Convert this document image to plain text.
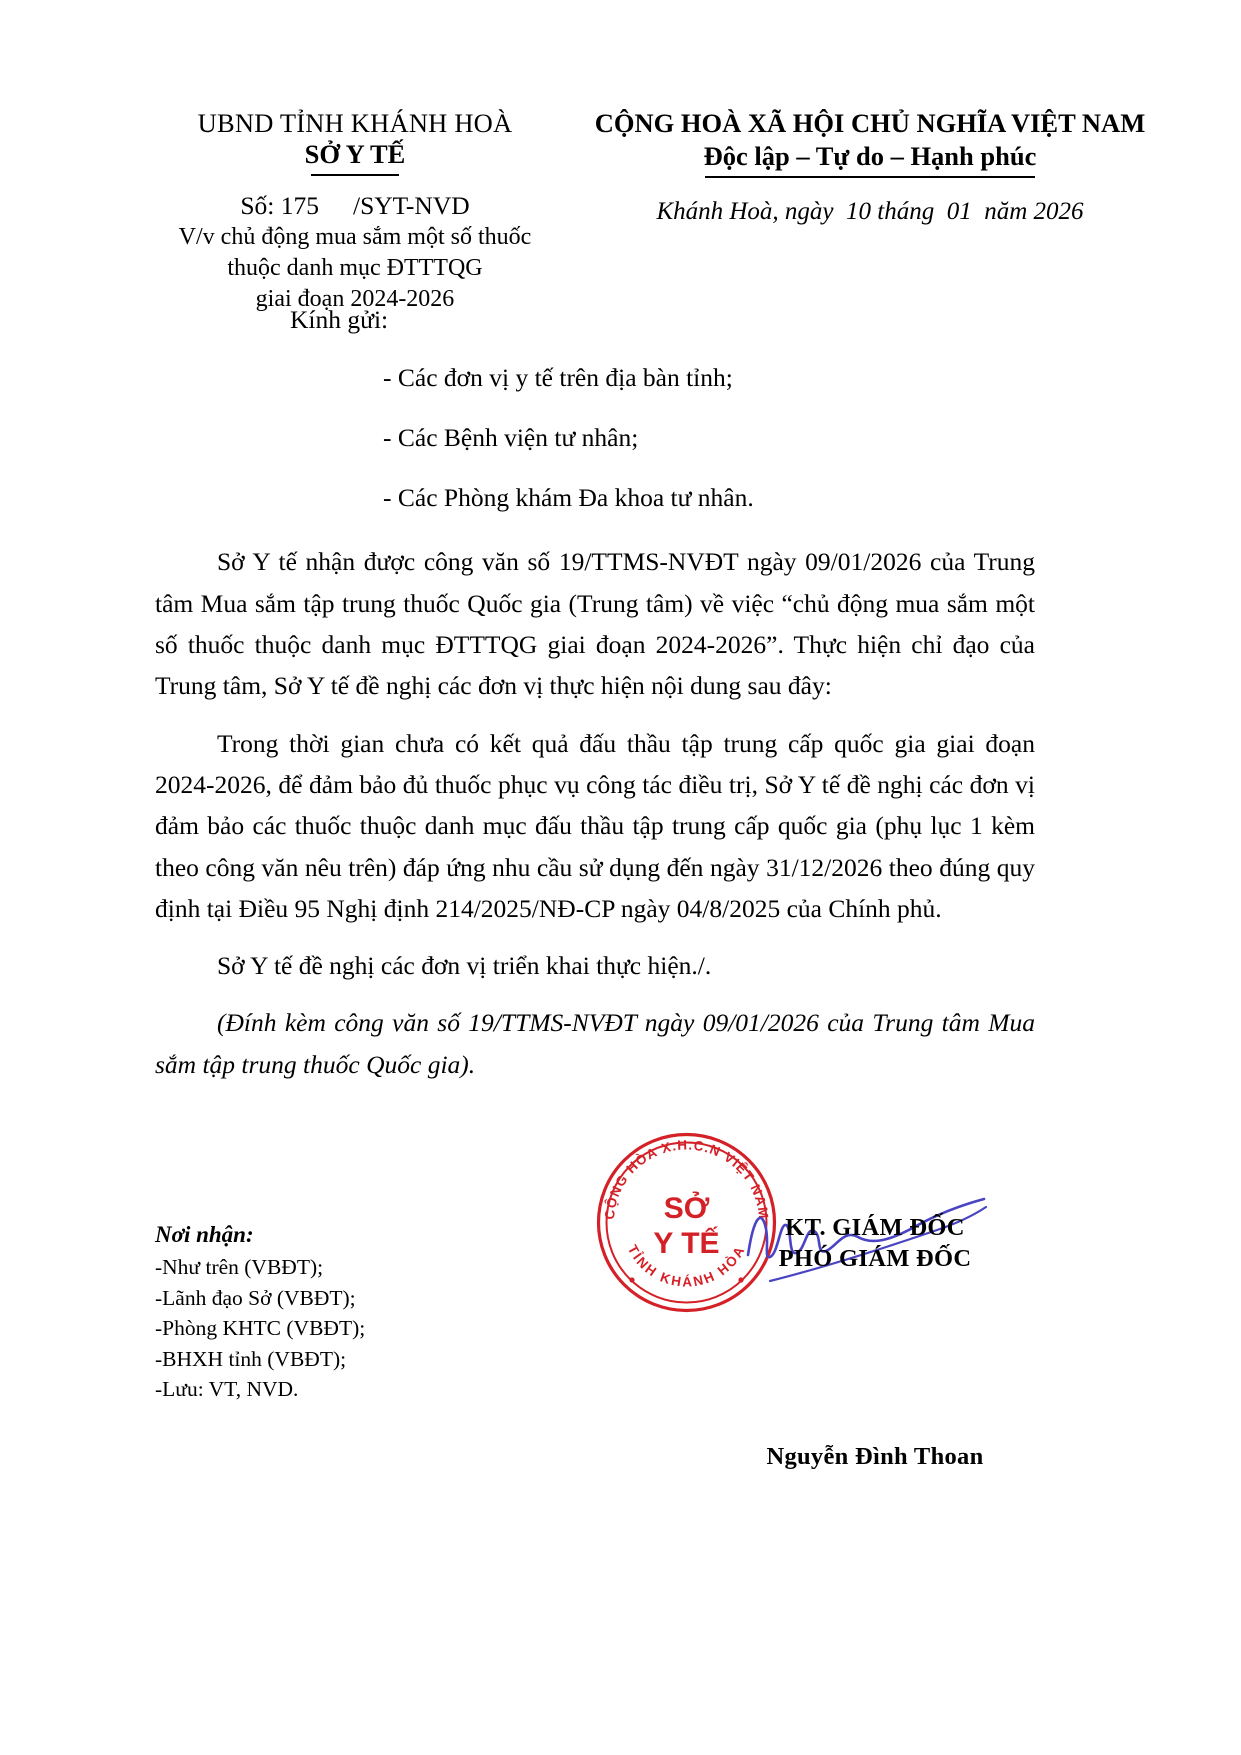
UBND TỈNH KHÁNH HOÀ
SỞ Y TẾ
Số: 175 /SYT-NVD
V/v chủ động mua sắm một số thuốc
thuộc danh mục ĐTTTQG
giai đoạn 2024-2026
CỘNG HOÀ XÃ HỘI CHỦ NGHĨA VIỆT NAM
Độc lập – Tự do – Hạnh phúc
Khánh Hoà, ngày  10 tháng  01  năm 2026
Kính gửi:
- Các đơn vị y tế trên địa bàn tỉnh;
- Các Bệnh viện tư nhân;
- Các Phòng khám Đa khoa tư nhân.
Sở Y tế nhận được công văn số 19/TTMS-NVĐT ngày 09/01/2026 của Trung tâm Mua sắm tập trung thuốc Quốc gia (Trung tâm) về việc “chủ động mua sắm một số thuốc thuộc danh mục ĐTTTQG giai đoạn 2024-2026”. Thực hiện chỉ đạo của Trung tâm, Sở Y tế đề nghị các đơn vị thực hiện nội dung sau đây:
Trong thời gian chưa có kết quả đấu thầu tập trung cấp quốc gia giai đoạn 2024-2026, để đảm bảo đủ thuốc phục vụ công tác điều trị, Sở Y tế đề nghị các đơn vị đảm bảo các thuốc thuộc danh mục đấu thầu tập trung cấp quốc gia (phụ lục 1 kèm theo công văn nêu trên) đáp ứng nhu cầu sử dụng đến ngày 31/12/2026 theo đúng quy định tại Điều 95 Nghị định 214/2025/NĐ-CP ngày 04/8/2025 của Chính phủ.
Sở Y tế đề nghị các đơn vị triển khai thực hiện./.
(Đính kèm công văn số 19/TTMS-NVĐT ngày 09/01/2026 của Trung tâm Mua sắm tập trung thuốc Quốc gia).
CỘNG HÒA X.H.C.N VIỆT NAM
TỈNH KHÁNH HÒA
SỞ
Y TẾ
Nơi nhận:
-Như trên (VBĐT);
-Lãnh đạo Sở (VBĐT);
-Phòng KHTC (VBĐT);
-BHXH tỉnh (VBĐT);
-Lưu: VT, NVD.
KT. GIÁM ĐỐC
PHÓ GIÁM ĐỐC
Nguyễn Đình Thoan
